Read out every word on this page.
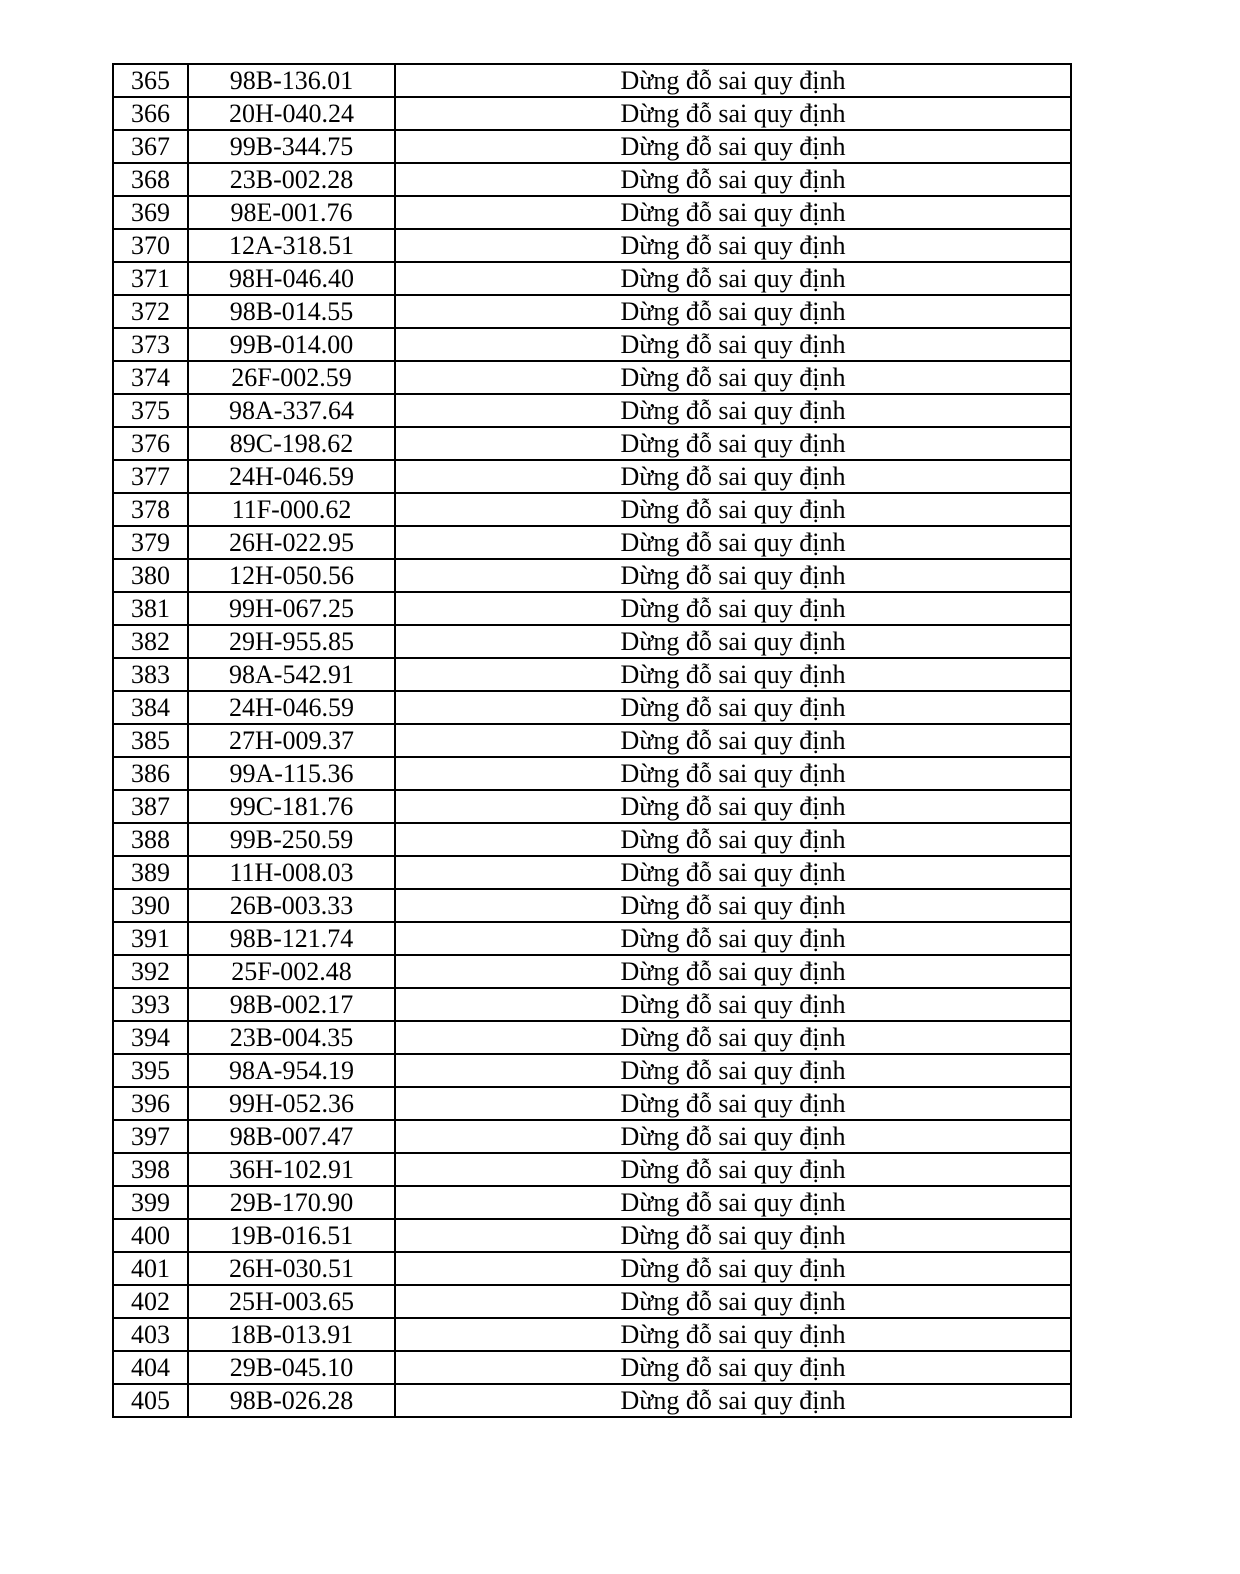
365	98B-136.01	Dừng đỗ sai quy định
366	20H-040.24	Dừng đỗ sai quy định
367	99B-344.75	Dừng đỗ sai quy định
368	23B-002.28	Dừng đỗ sai quy định
369	98E-001.76	Dừng đỗ sai quy định
370	12A-318.51	Dừng đỗ sai quy định
371	98H-046.40	Dừng đỗ sai quy định
372	98B-014.55	Dừng đỗ sai quy định
373	99B-014.00	Dừng đỗ sai quy định
374	26F-002.59	Dừng đỗ sai quy định
375	98A-337.64	Dừng đỗ sai quy định
376	89C-198.62	Dừng đỗ sai quy định
377	24H-046.59	Dừng đỗ sai quy định
378	11F-000.62	Dừng đỗ sai quy định
379	26H-022.95	Dừng đỗ sai quy định
380	12H-050.56	Dừng đỗ sai quy định
381	99H-067.25	Dừng đỗ sai quy định
382	29H-955.85	Dừng đỗ sai quy định
383	98A-542.91	Dừng đỗ sai quy định
384	24H-046.59	Dừng đỗ sai quy định
385	27H-009.37	Dừng đỗ sai quy định
386	99A-115.36	Dừng đỗ sai quy định
387	99C-181.76	Dừng đỗ sai quy định
388	99B-250.59	Dừng đỗ sai quy định
389	11H-008.03	Dừng đỗ sai quy định
390	26B-003.33	Dừng đỗ sai quy định
391	98B-121.74	Dừng đỗ sai quy định
392	25F-002.48	Dừng đỗ sai quy định
393	98B-002.17	Dừng đỗ sai quy định
394	23B-004.35	Dừng đỗ sai quy định
395	98A-954.19	Dừng đỗ sai quy định
396	99H-052.36	Dừng đỗ sai quy định
397	98B-007.47	Dừng đỗ sai quy định
398	36H-102.91	Dừng đỗ sai quy định
399	29B-170.90	Dừng đỗ sai quy định
400	19B-016.51	Dừng đỗ sai quy định
401	26H-030.51	Dừng đỗ sai quy định
402	25H-003.65	Dừng đỗ sai quy định
403	18B-013.91	Dừng đỗ sai quy định
404	29B-045.10	Dừng đỗ sai quy định
405	98B-026.28	Dừng đỗ sai quy định
